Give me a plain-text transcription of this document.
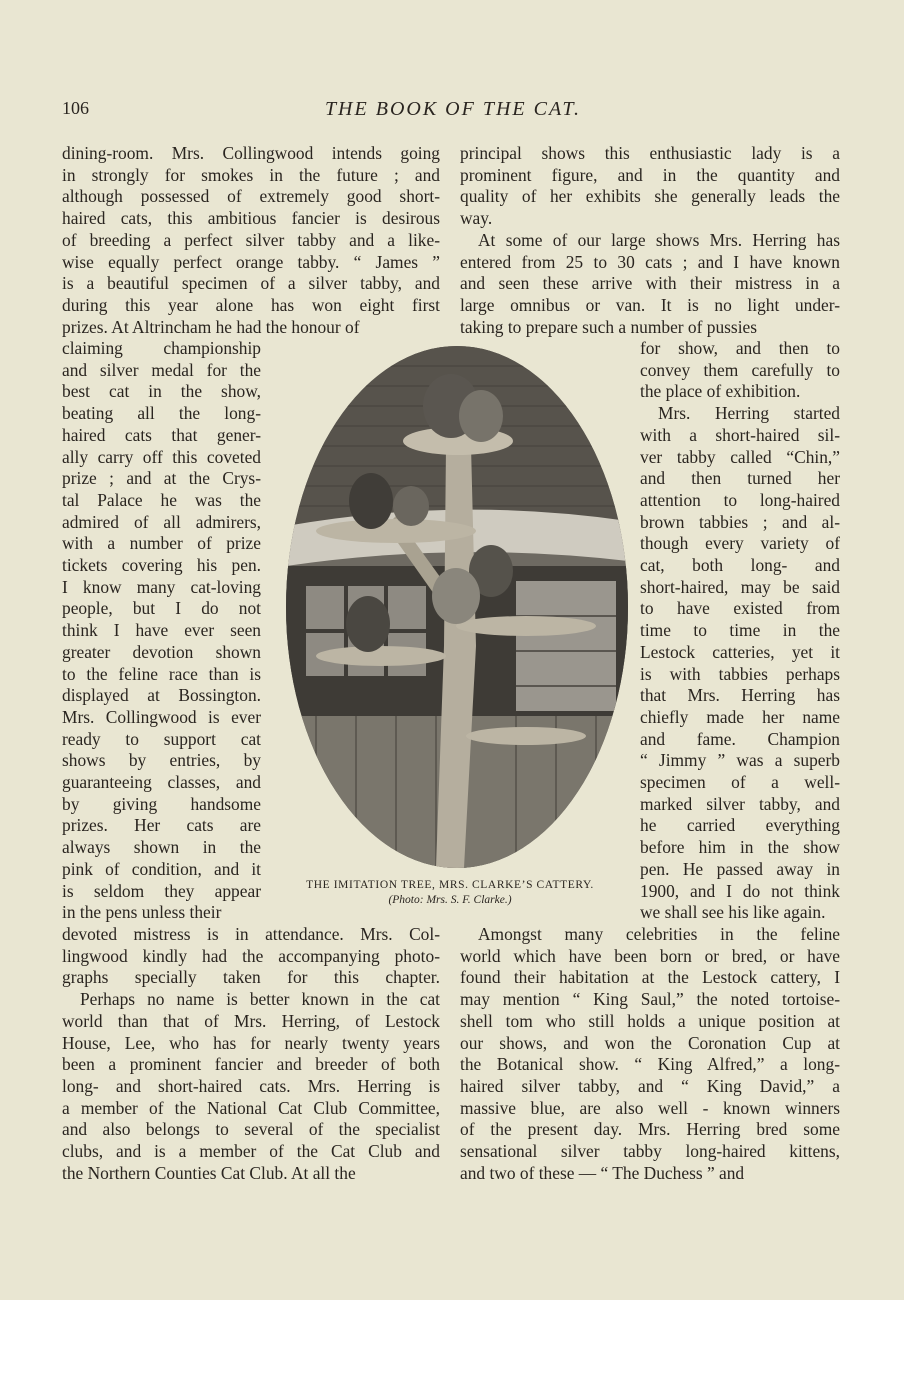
106	THE BOOK OF THE CAT.
dining-room. Mrs. Collingwood intends going
in strongly for smokes in the future ; and
although possessed of extremely good short-
haired cats, this ambitious fancier is desirous
of breeding a perfect silver tabby and a like-
wise equally perfect orange tabby. “ James ”
is a beautiful specimen of a silver tabby, and
during this year alone has won eight first
prizes. At Altrincham he had the honour of
claiming championship
and silver medal for the
best cat in the show,
beating all the long-
haired cats that gener-
ally carry off this coveted
prize ; and at the Crys-
tal Palace he was the
admired of all admirers,
with a number of prize
tickets covering his pen.
I know many cat-loving
people, but I do not
think I have ever seen
greater devotion shown
to the feline race than is
displayed at Bossington.
Mrs. Collingwood is ever
ready to support cat
shows by entries, by
guaranteeing classes, and
by giving handsome
prizes. Her cats are
always shown in the
pink of condition, and it
is seldom they appear
in the pens unless their
devoted mistress is in attendance. Mrs. Col-
lingwood kindly had the accompanying photo-
graphs specially taken for this chapter.
Perhaps no name is better known in the cat
world than that of Mrs. Herring, of Lestock
House, Lee, who has for nearly twenty years
been a prominent fancier and breeder of both
long- and short-haired cats. Mrs. Herring is
a member of the National Cat Club Committee,
and also belongs to several of the specialist
clubs, and is a member of the Cat Club and
the Northern Counties Cat Club. At all the
principal shows this enthusiastic lady is a
prominent figure, and in the quantity and
quality of her exhibits she generally leads the
way.
At some of our large shows Mrs. Herring has
entered from 25 to 30 cats ; and I have known
and seen these arrive with their mistress in a
large omnibus or van. It is no light under-
taking to prepare such a number of pussies
for show, and then to
convey them carefully to
the place of exhibition.
Mrs. Herring started
with a short-haired sil-
ver tabby called “Chin,”
and then turned her
attention to long-haired
brown tabbies ; and al-
though every variety of
cat, both long- and
short-haired, may be said
to have existed from
time to time in the
Lestock catteries, yet it
is with tabbies perhaps
that Mrs. Herring has
chiefly made her name
and fame. Champion
“ Jimmy ” was a superb
specimen of a well-
marked silver tabby, and
he carried everything
before him in the show
pen. He passed away in
1900, and I do not think
we shall see his like again.
Amongst many celebrities in the feline
world which have been born or bred, or have
found their habitation at the Lestock cattery, I
may mention “ King Saul,” the noted tortoise-
shell tom who still holds a unique position at
our shows, and won the Coronation Cup at
the Botanical show. “ King Alfred,” a long-
haired silver tabby, and “ King David,” a
massive blue, are also well - known winners
of the present day. Mrs. Herring bred some
sensational silver tabby long-haired kittens,
and two of these — “ The Duchess ” and
THE IMITATION TREE, MRS. CLARKE’S CATTERY.
(Photo: Mrs. S. F. Clarke.)
